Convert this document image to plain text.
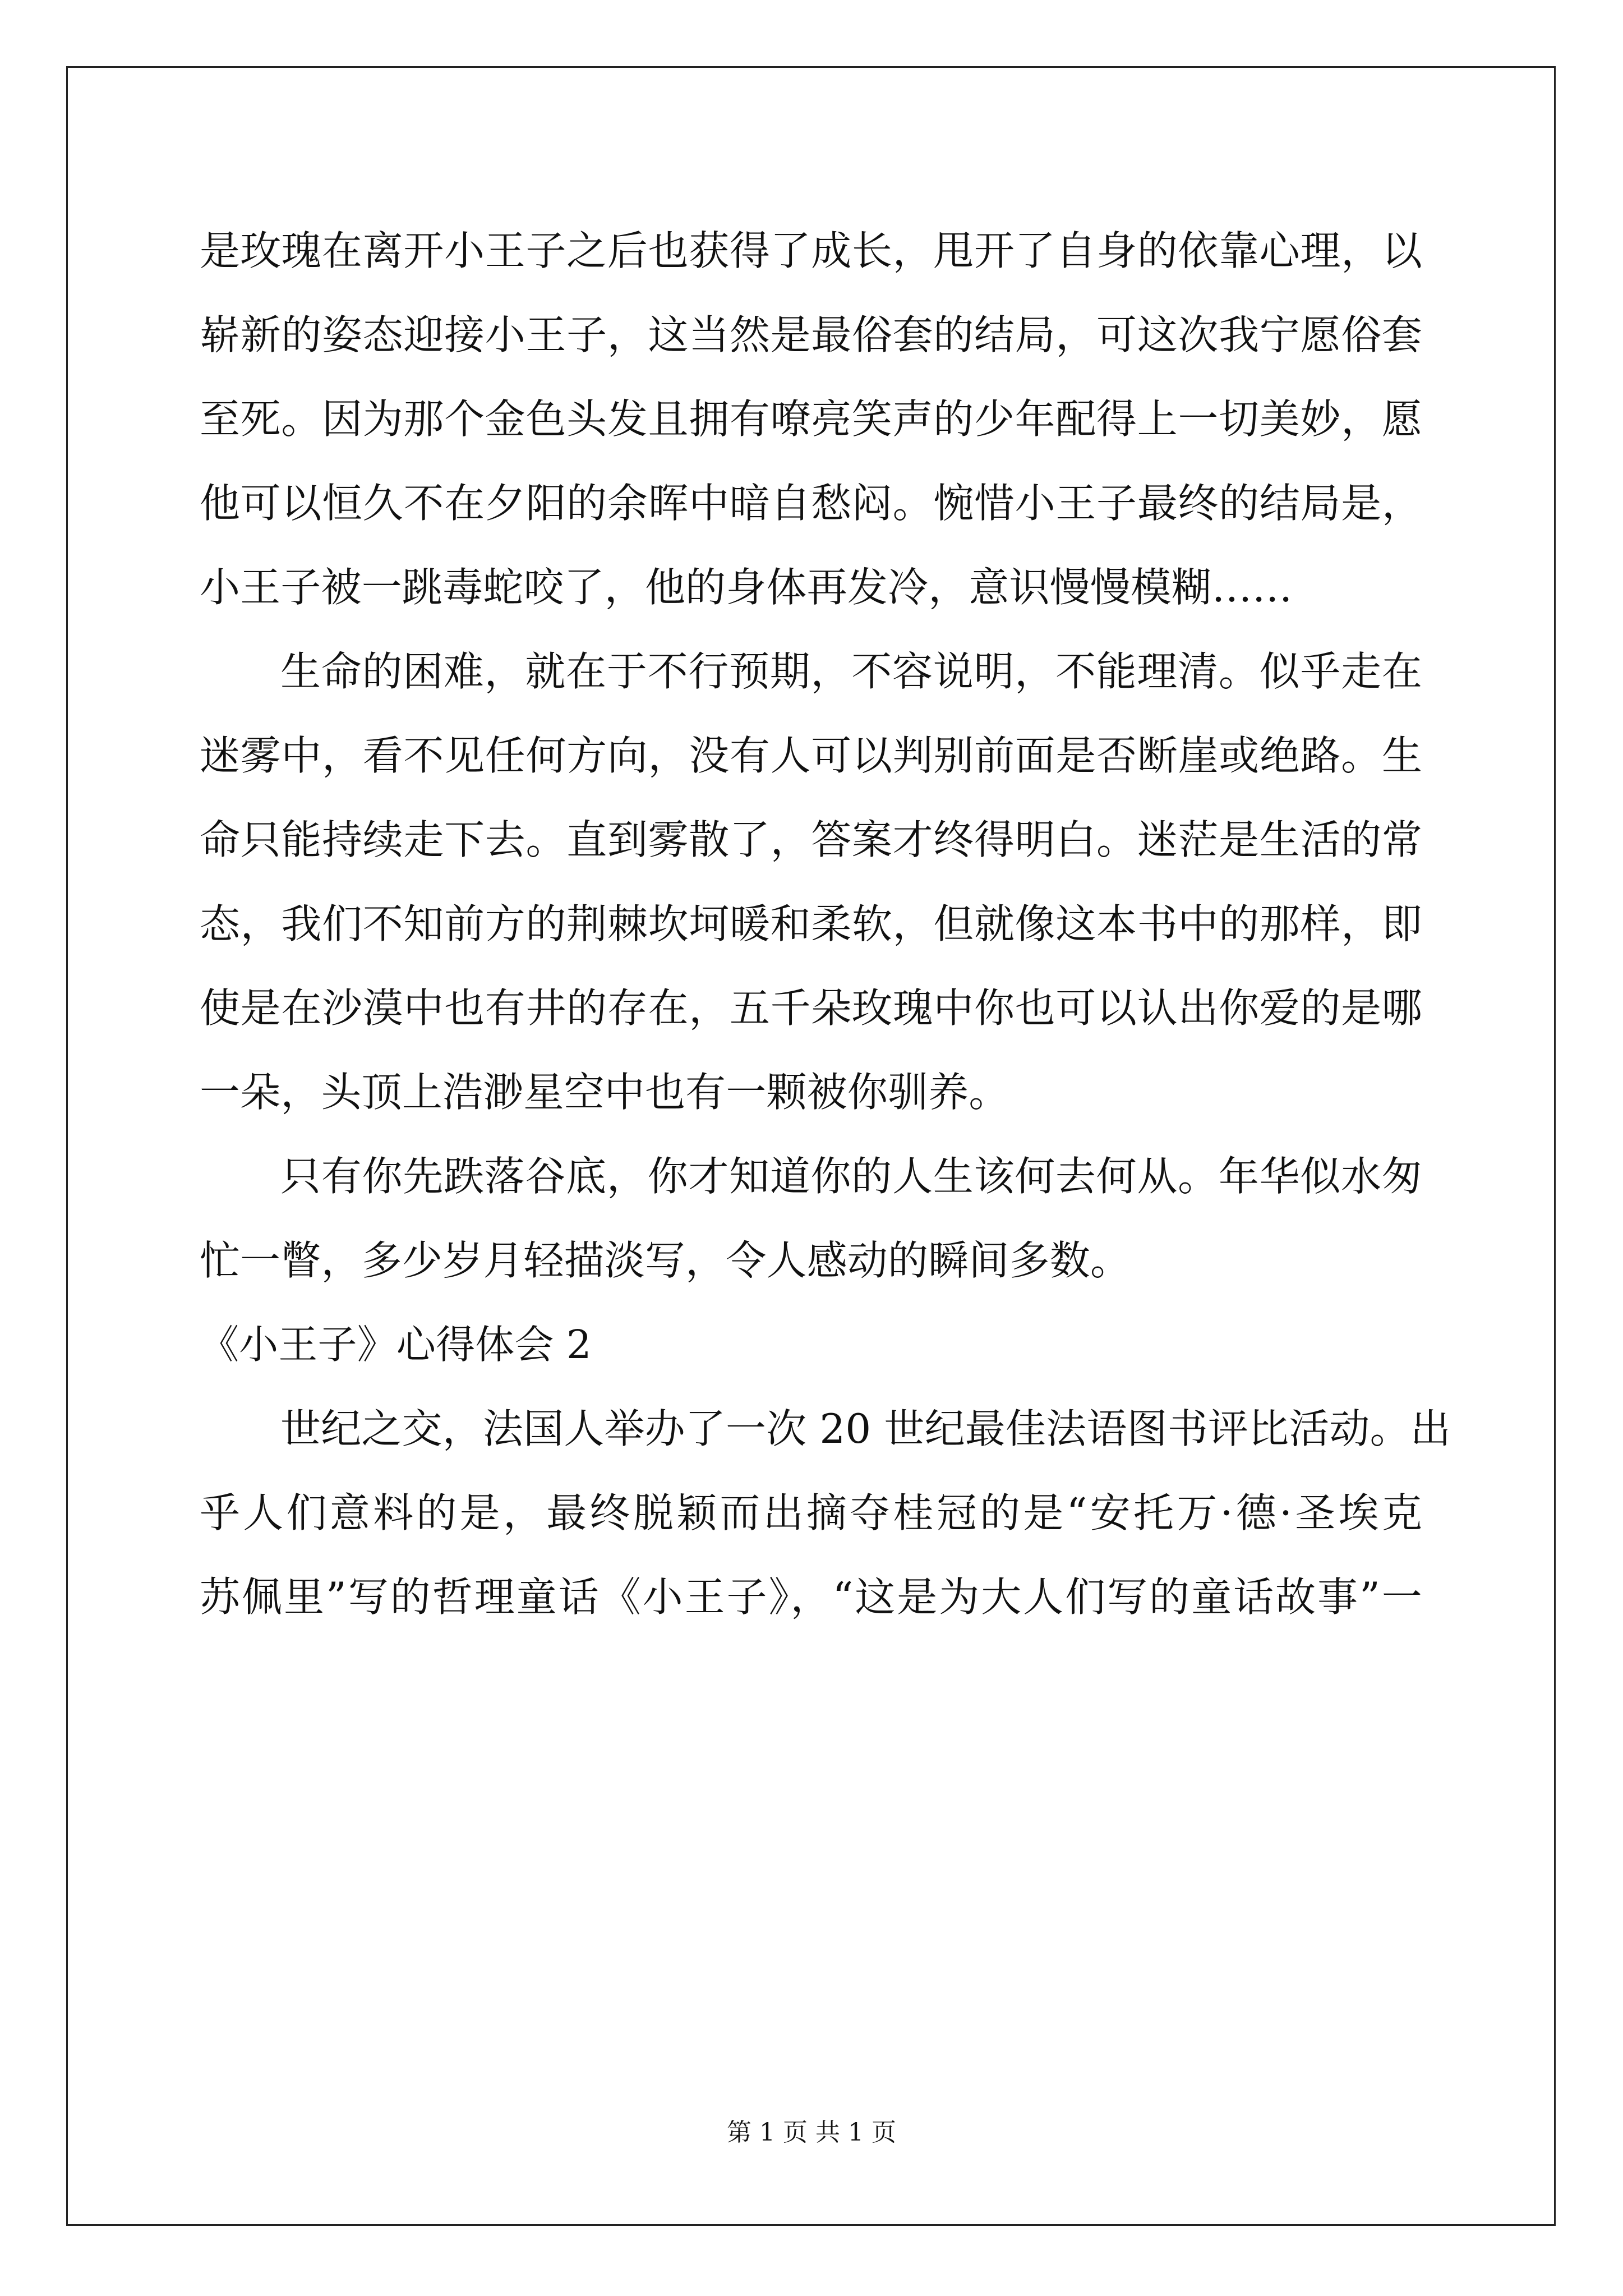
是玫瑰在离开小王子之后也获得了成长，甩开了自身的依靠心理，以
崭新的姿态迎接小王子，这当然是最俗套的结局，可这次我宁愿俗套
至死。因为那个金色头发且拥有嘹亮笑声的少年配得上一切美妙，愿
他可以恒久不在夕阳的余晖中暗自愁闷。惋惜小王子最终的结局是，
小王子被一跳毒蛇咬了，他的身体再发冷，意识慢慢模糊……
生命的困难，就在于不行预期，不容说明，不能理清。似乎走在
迷雾中，看不见任何方向，没有人可以判别前面是否断崖或绝路。生
命只能持续走下去。直到雾散了，答案才终得明白。迷茫是生活的常
态，我们不知前方的荆棘坎坷暖和柔软，但就像这本书中的那样，即
使是在沙漠中也有井的存在，五千朵玫瑰中你也可以认出你爱的是哪
一朵，头顶上浩渺星空中也有一颗被你驯养。
只有你先跌落谷底，你才知道你的人生该何去何从。年华似水匆
忙一瞥，多少岁月轻描淡写，令人感动的瞬间多数。
《小王子》心得体会 2
世纪之交，法国人举办了一次 20 世纪最佳法语图书评比活动。出
乎人们意料的是，最终脱颖而出摘夺桂冠的是“安托万·德·圣埃克
苏佩里”写的哲理童话《小王子》，“这是为大人们写的童话故事”一
第 1 页 共 1 页
